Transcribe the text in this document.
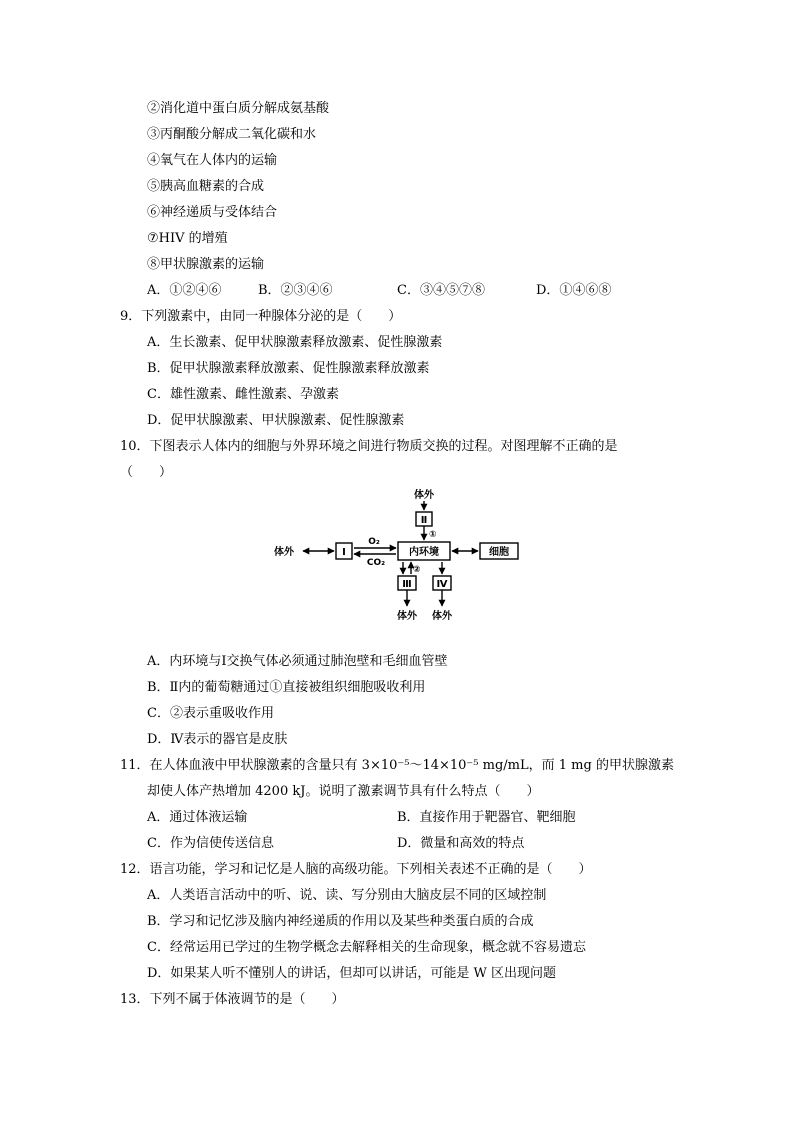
②消化道中蛋白质分解成氨基酸
③丙酮酸分解成二氧化碳和水
④氧气在人体内的运输
⑤胰高血糖素的合成
⑥神经递质与受体结合
⑦HIV 的增殖
⑧甲状腺激素的运输
A．①②④⑥	B．②③④⑥	C．③④⑤⑦⑧	D．①④⑥⑧
9．下列激素中，由同一种腺体分泌的是（　　）
A．生长激素、促甲状腺激素释放激素、促性腺激素
B．促甲状腺激素释放激素、促性腺激素释放激素
C．雄性激素、雌性激素、孕激素
D．促甲状腺激素、甲状腺激素、促性腺激素
10．下图表示人体内的细胞与外界环境之间进行物质交换的过程。对图理解不正确的是
（　　）
体外
Ⅱ
①
体外	Ⅰ
O₂
CO₂
内环境	细胞
②
Ⅲ Ⅳ
体外 体外
A．内环境与Ⅰ交换气体必须通过肺泡壁和毛细血管壁
B．Ⅱ内的葡萄糖通过①直接被组织细胞吸收利用
C．②表示重吸收作用
D．Ⅳ表示的器官是皮肤
11．在人体血液中甲状腺激素的含量只有 3×10⁻⁵～14×10⁻⁵ mg/mL，而 1 mg 的甲状腺激素
却使人体产热增加 4200 kJ。说明了激素调节具有什么特点（　　）
A．通过体液运输	B．直接作用于靶器官、靶细胞
C．作为信使传送信息	D．微量和高效的特点
12．语言功能，学习和记忆是人脑的高级功能。下列相关表述不正确的是（　　）
A．人类语言活动中的听、说、读、写分别由大脑皮层不同的区域控制
B．学习和记忆涉及脑内神经递质的作用以及某些种类蛋白质的合成
C．经常运用已学过的生物学概念去解释相关的生命现象，概念就不容易遗忘
D．如果某人听不懂别人的讲话，但却可以讲话，可能是 W 区出现问题
13．下列不属于体液调节的是（　　）
